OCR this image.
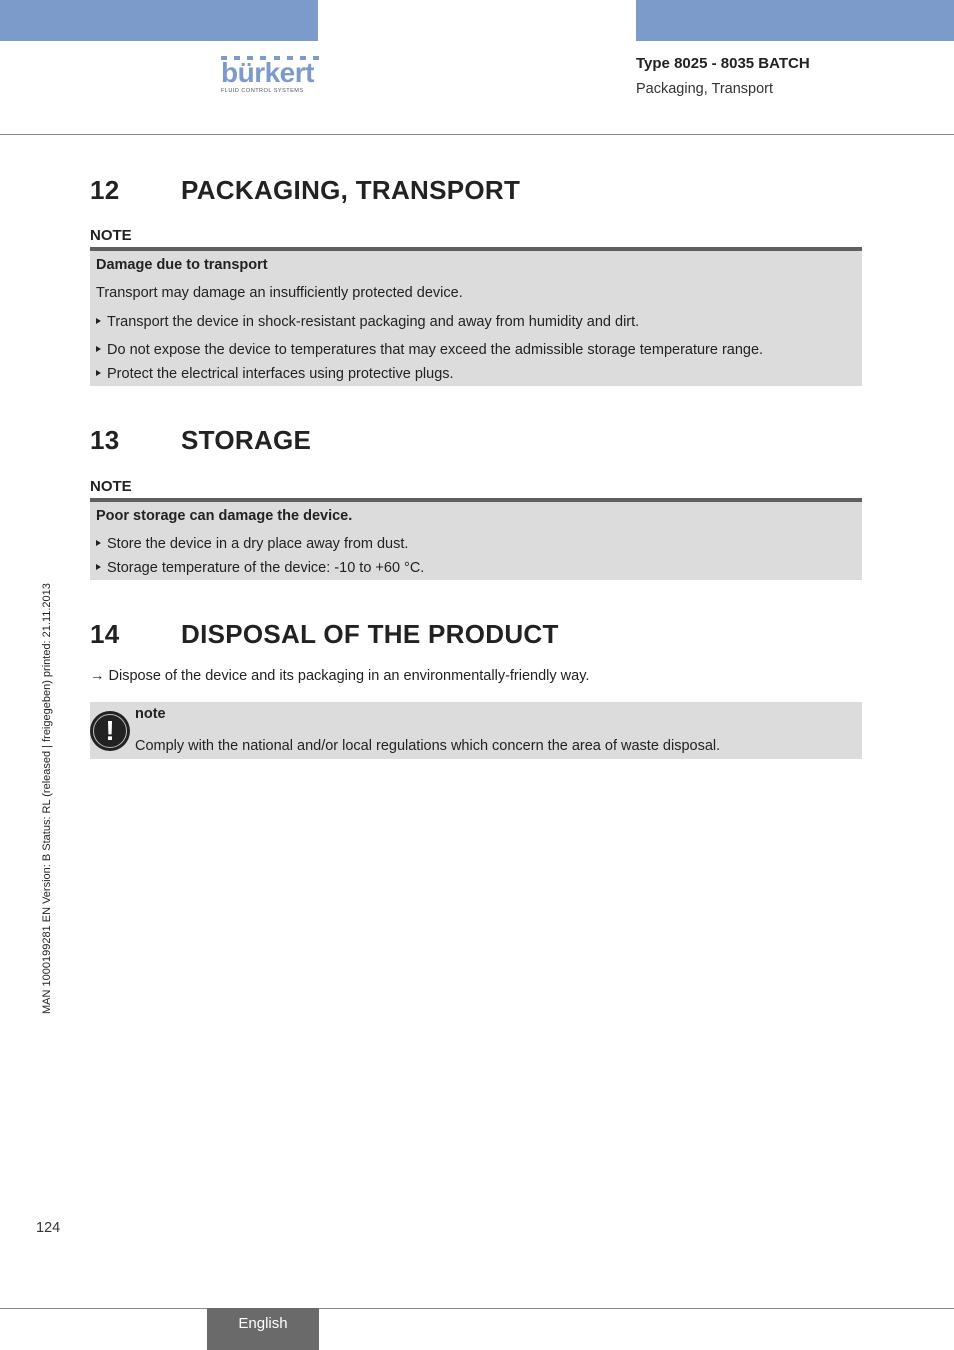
bürkert
FLUID CONTROL SYSTEMS
Type 8025 - 8035 BATCH
Packaging, Transport
12 PACKAGING, TRANSPORT
NOTE
Damage due to transport
Transport may damage an insufficiently protected device.
Transport the device in shock-resistant packaging and away from humidity and dirt.
Do not expose the device to temperatures that may exceed the admissible storage temperature range.
Protect the electrical interfaces using protective plugs.
13 STORAGE
NOTE
Poor storage can damage the device.
Store the device in a dry place away from dust.
Storage temperature of the device: -10 to +60 °C.
14 DISPOSAL OF THE PRODUCT
→ Dispose of the device and its packaging in an environmentally-friendly way.
!
note
Comply with the national and/or local regulations which concern the area of waste disposal.
MAN 1000199281 EN Version: B Status: RL (released | freigegeben) printed: 21.11.2013
124
English
